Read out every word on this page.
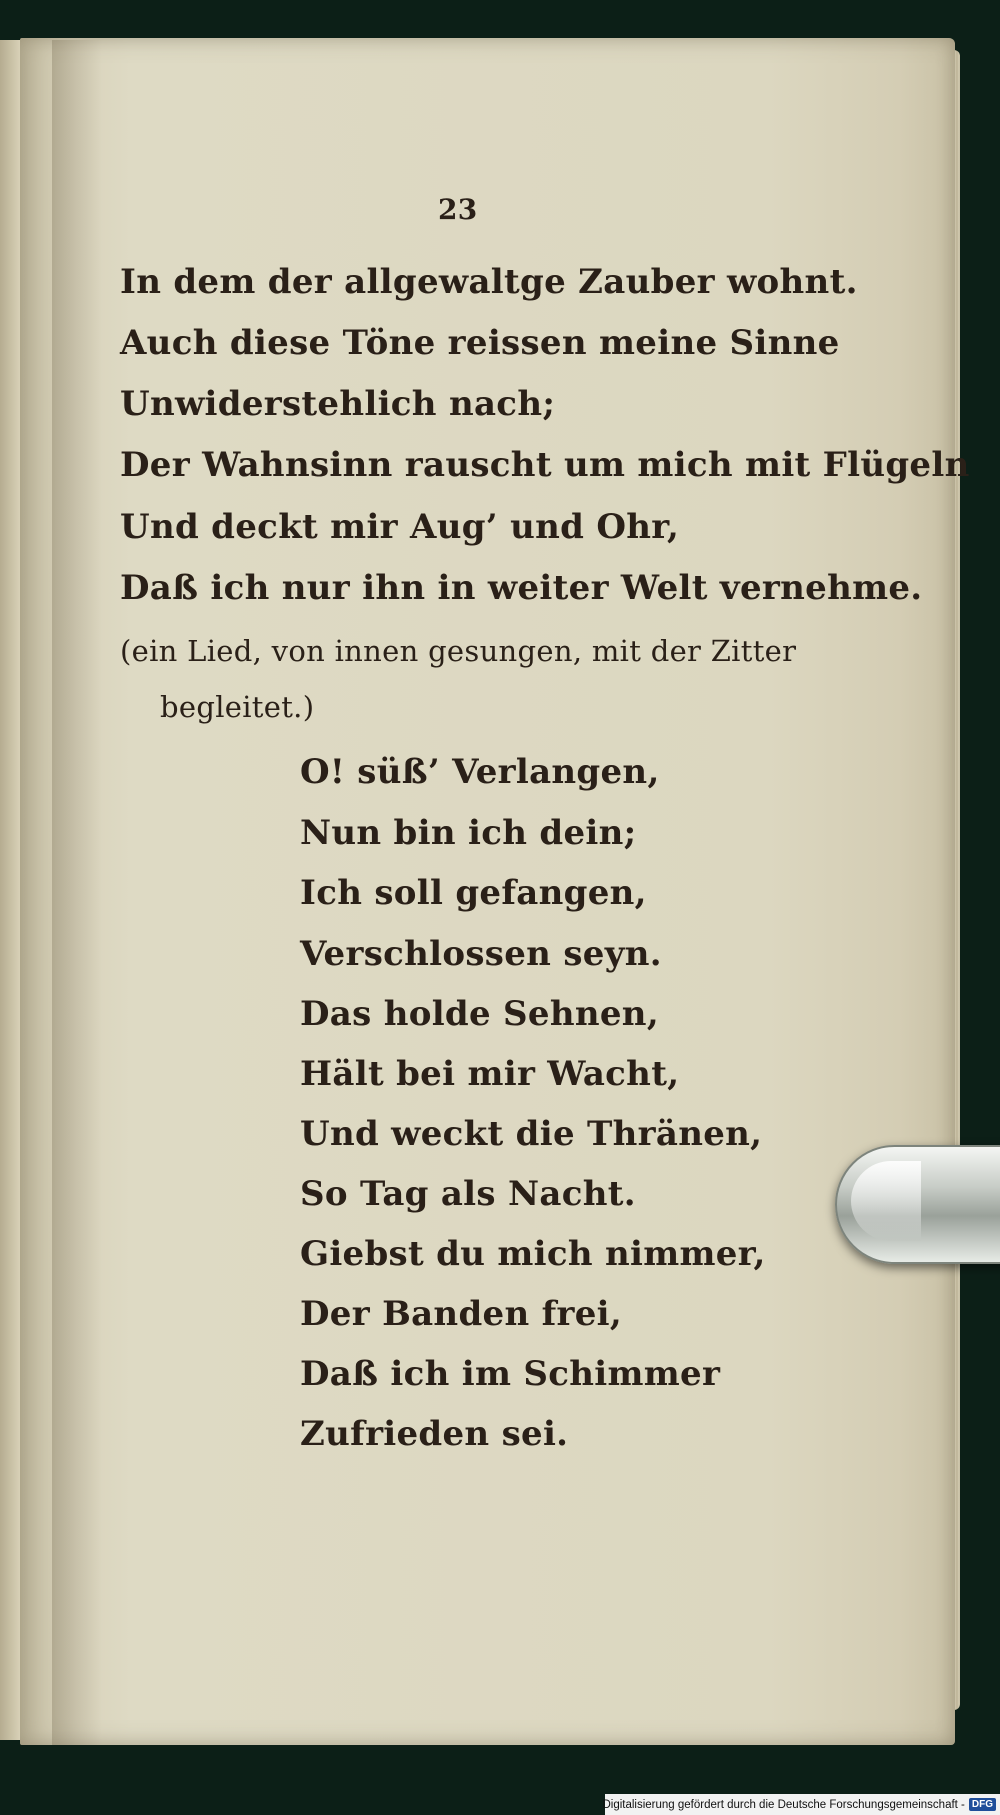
23

In dem der allgewaltge Zauber wohnt.

Auch diese Töne reissen meine Sinne

Unwiderstehlich nach;

Der Wahnsinn rauscht um mich mit Flügeln

Und deckt mir Aug’ und Ohr,

Daß ich nur ihn in weiter Welt vernehme.

(ein Lied, von innen gesungen, mit der Zitter

begleitet.)

O! süß’ Verlangen,

Nun bin ich dein;

Ich soll gefangen,

Verschlossen seyn.

Das holde Sehnen,

Hält bei mir Wacht,

Und weckt die Thränen,

So Tag als Nacht.

Giebst du mich nimmer,

Der Banden frei,

Daß ich im Schimmer

Zufrieden sei.

Digitalisierung gefördert durch die Deutsche Forschungsgemeinschaft - DFG
